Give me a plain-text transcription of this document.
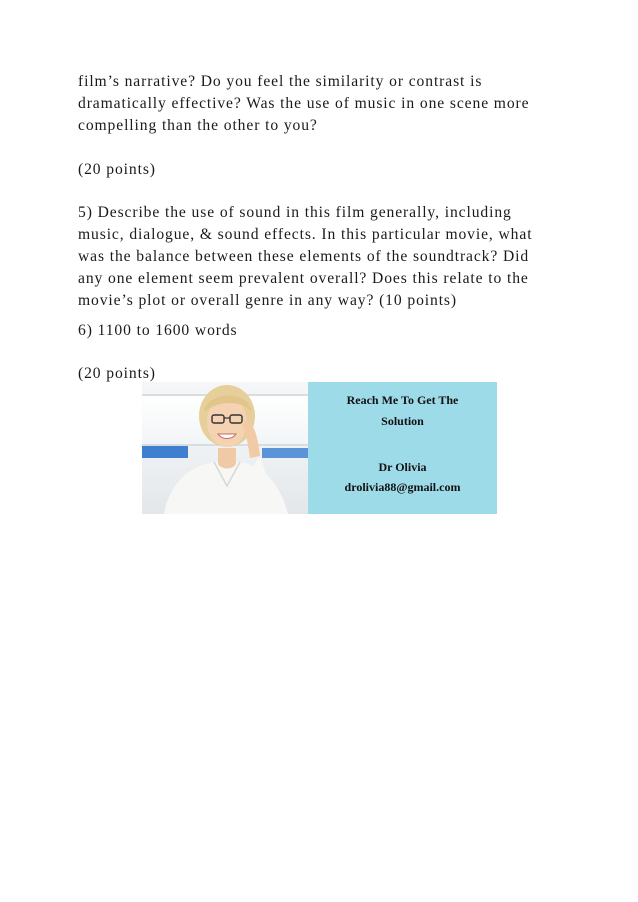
film’s narrative? Do you feel the similarity or contrast is
dramatically effective? Was the use of music in one scene more
compelling than the other to you?

(20 points)

5) Describe the use of sound in this film generally, including
music, dialogue, & sound effects. In this particular movie, what
was the balance between these elements of the soundtrack? Did
any one element seem prevalent overall? Does this relate to the
movie’s plot or overall genre in any way? (10 points)

6) 1100 to 1600 words

(20 points)

Reach Me To Get The
Solution
Dr Olivia
drolivia88@gmail.com
